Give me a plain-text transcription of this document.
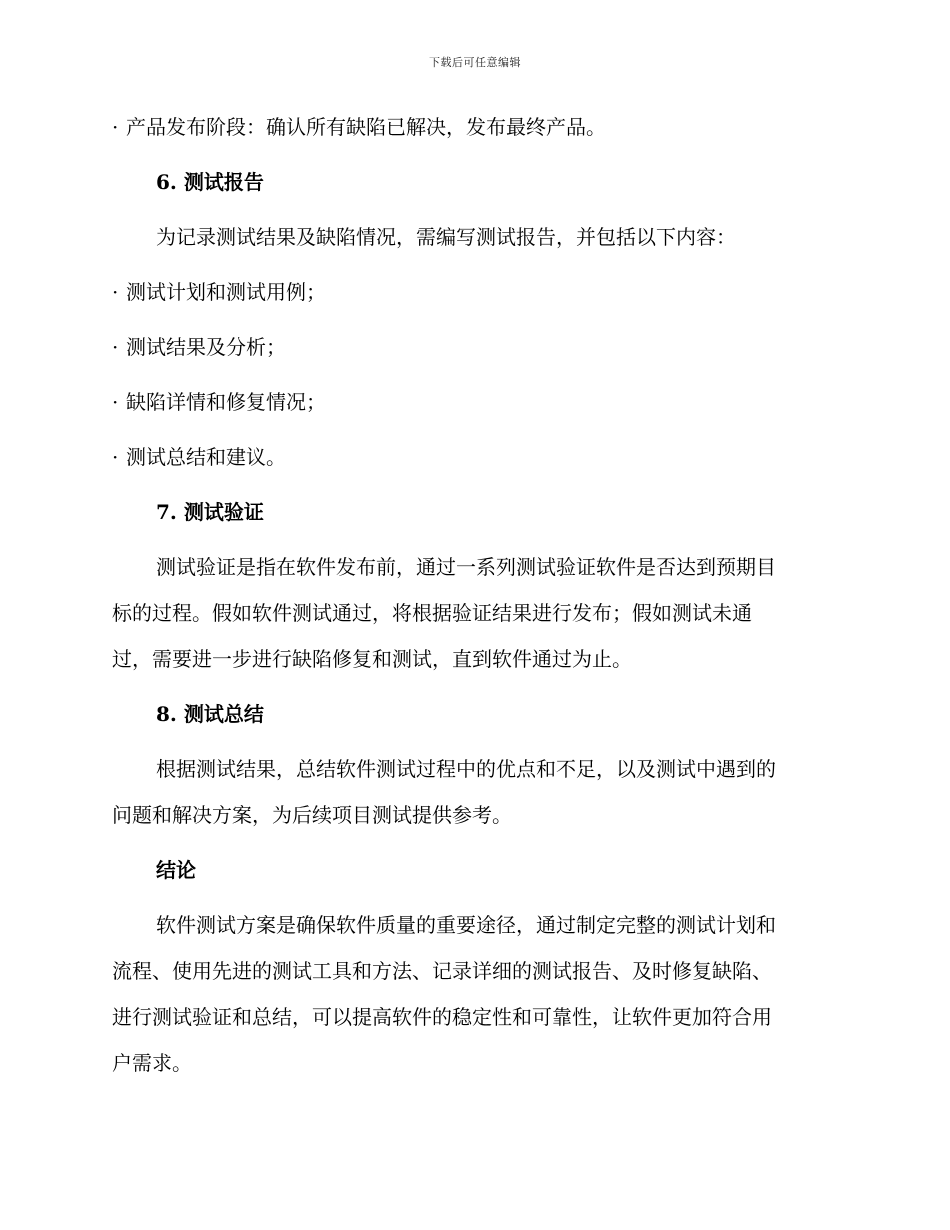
下载后可任意编辑
· 产品发布阶段：确认所有缺陷已解决，发布最终产品。
6. 测试报告
为记录测试结果及缺陷情况，需编写测试报告，并包括以下内容：
· 测试计划和测试用例；
· 测试结果及分析；
· 缺陷详情和修复情况；
· 测试总结和建议。
7. 测试验证
测试验证是指在软件发布前，通过一系列测试验证软件是否达到预期目
标的过程。假如软件测试通过，将根据验证结果进行发布；假如测试未通
过，需要进一步进行缺陷修复和测试，直到软件通过为止。
8. 测试总结
根据测试结果，总结软件测试过程中的优点和不足，以及测试中遇到的
问题和解决方案，为后续项目测试提供参考。
结论
软件测试方案是确保软件质量的重要途径，通过制定完整的测试计划和
流程、使用先进的测试工具和方法、记录详细的测试报告、及时修复缺陷、
进行测试验证和总结，可以提高软件的稳定性和可靠性，让软件更加符合用
户需求。
